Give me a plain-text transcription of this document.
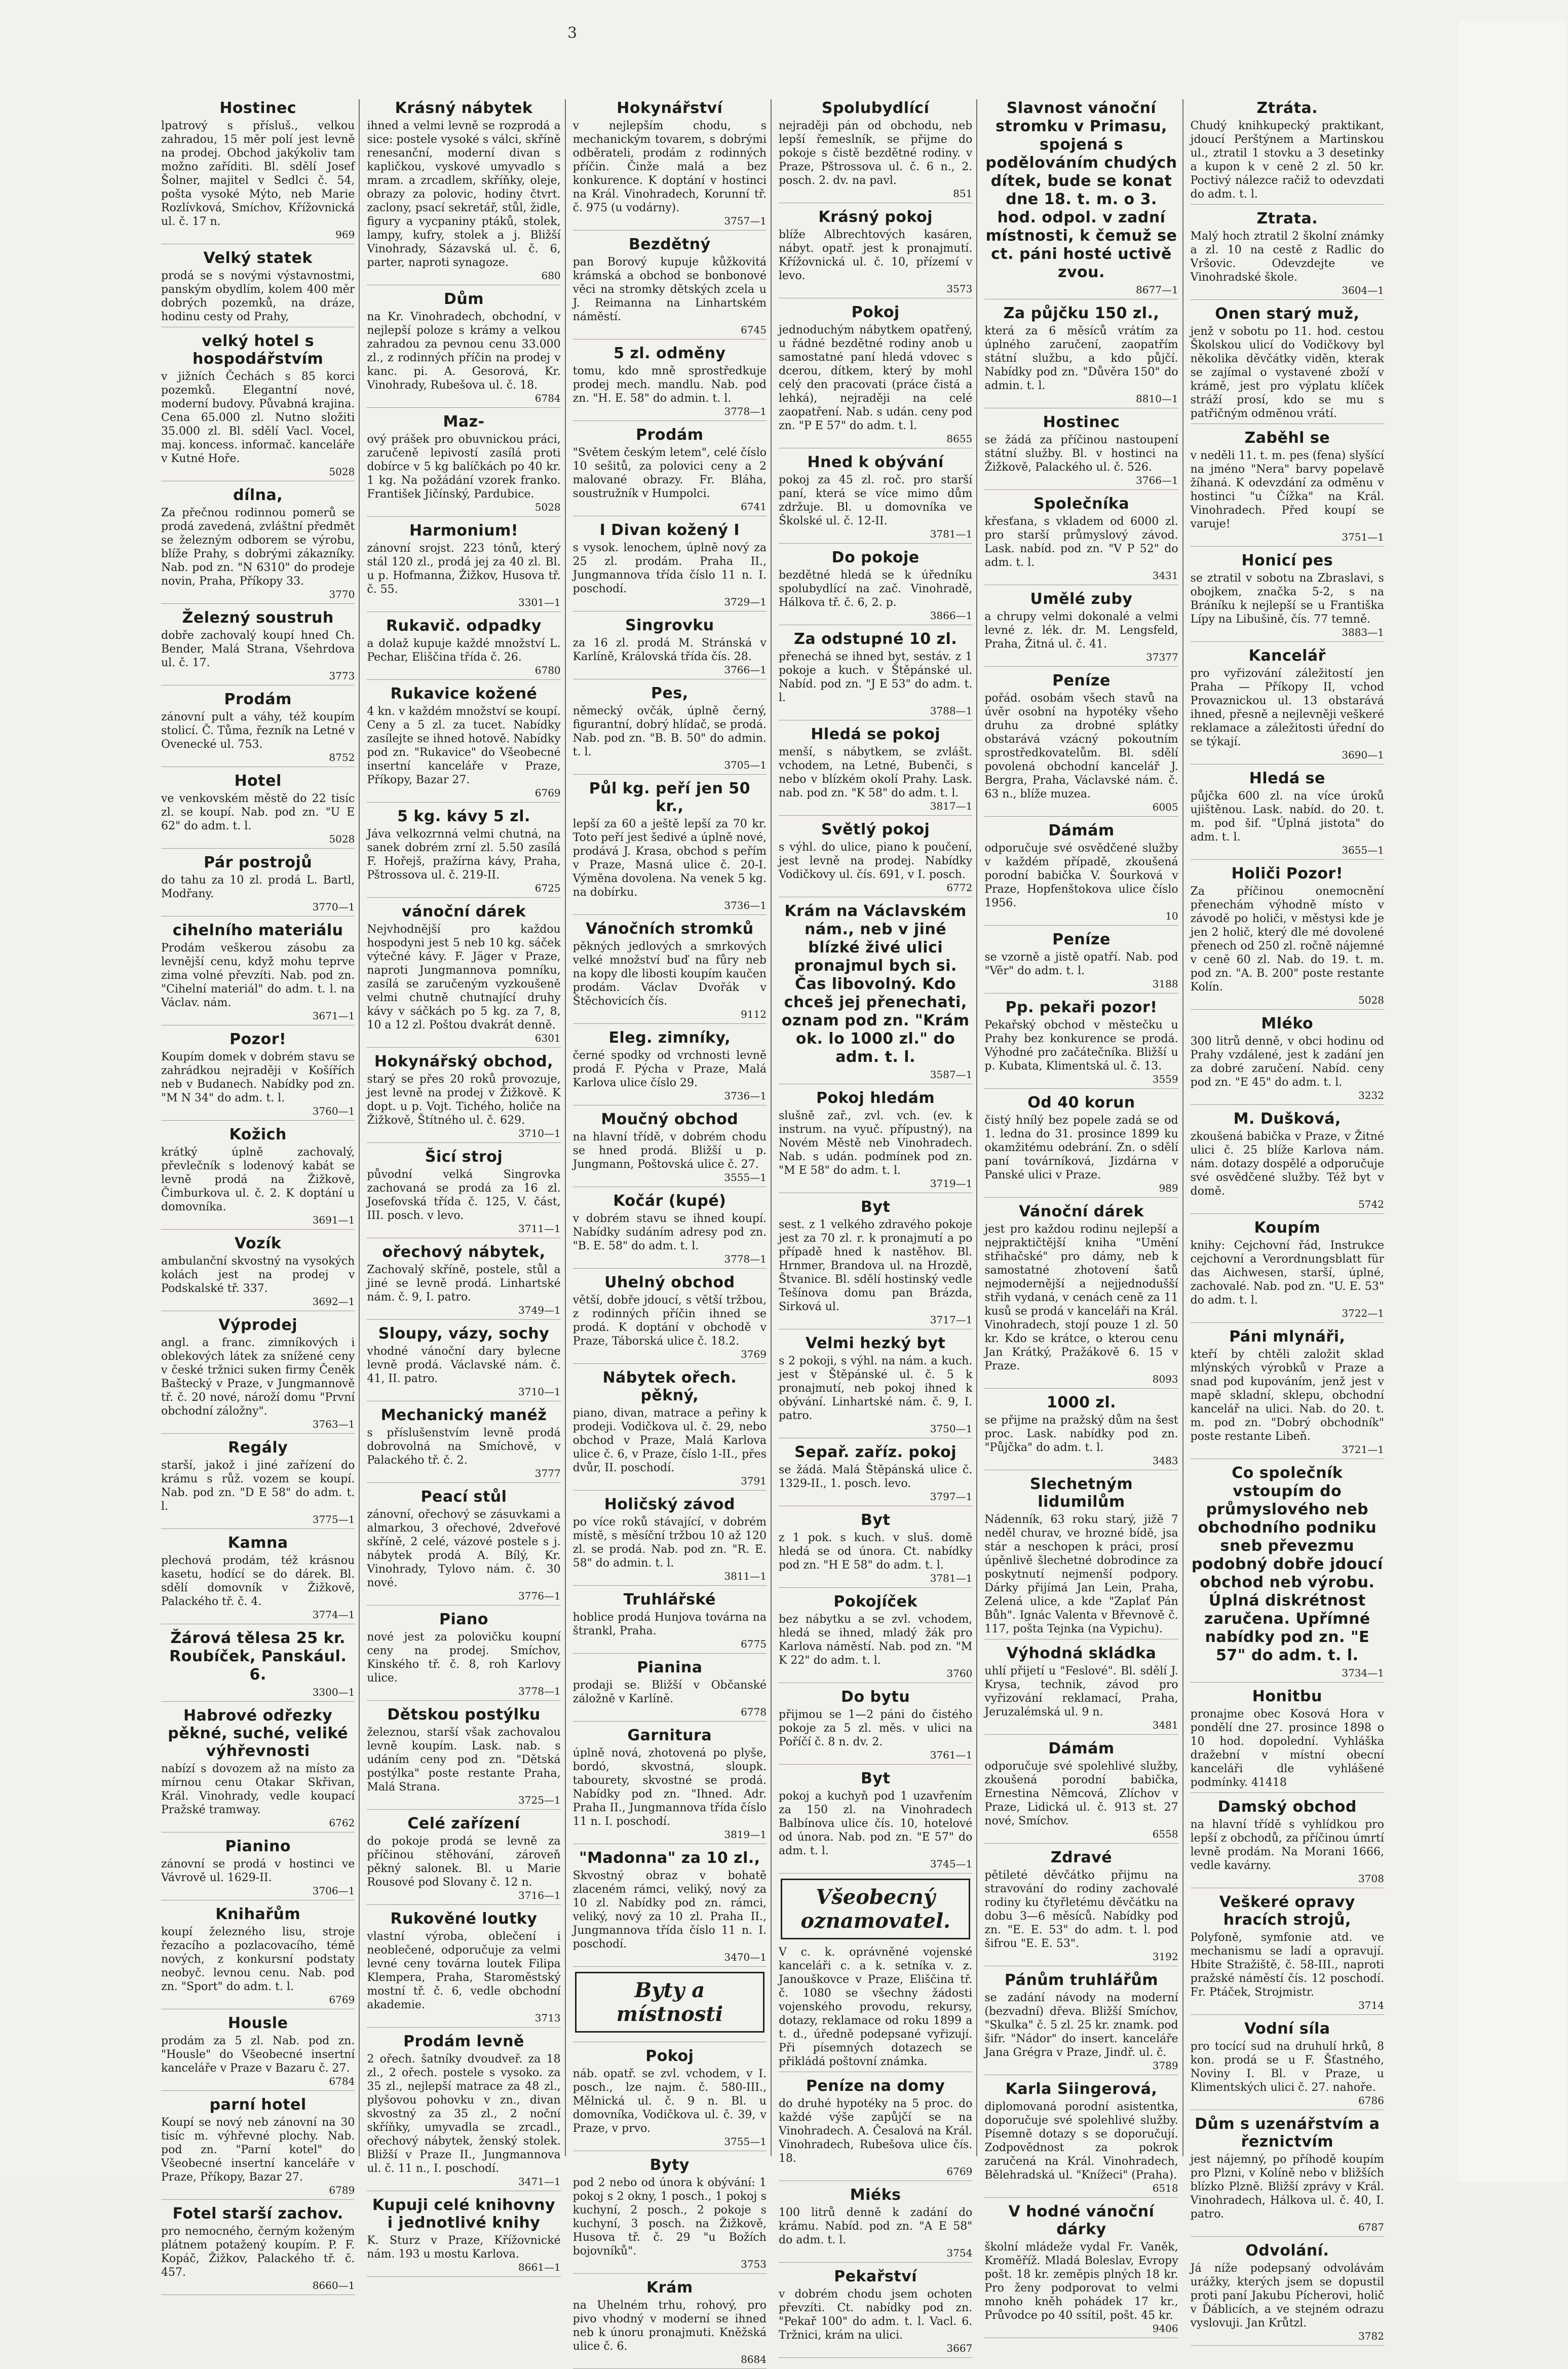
3
Hostinec

lpatrový s přísluš., velkou zahradou, 15 měr polí jest levně na prodej. Obchod jakýkoliv tam možno zaříditi. Bl. sdělí Josef Šolner, majitel v Sedlci č. 54, pošta vysoké Mýto, neb Marie Rozlívková, Smíchov, Křížovnická ul. č. 17 n.

969
Velký statek

prodá se s novými výstavnostmi, panským obydlím, kolem 400 měr dobrých pozemků, na dráze, hodinu cesty od Prahy,

velký hotel s hospodářstvím

v jižních Čechách s 85 korci pozemků. Elegantní nové, moderní budovy. Půvabná krajina. Cena 65.000 zl. Nutno složiti 35.000 zl. Bl. sdělí Vacl. Vocel, maj. koncess. informač. kanceláře v Kutné Hoře.

5028
dílna,

Za přečnou rodinnou pomerů se prodá zavedená, zvláštní předmět se železným odborem se výrobu, blíže Prahy, s dobrými zákazníky. Nab. pod zn. "N 6310" do prodeje novin, Praha, Příkopy 33.

3770
Železný soustruh

dobře zachovalý koupí hned Ch. Bender, Malá Strana, Všehrdova ul. č. 17.

3773
Prodám

zánovní pult a váhy, též koupím stolicí. Č. Tůma, řezník na Letné v Ovenecké ul. 753.

8752
Hotel

ve venkovském městě do 22 tisíc zl. se koupí. Nab. pod zn. "U E 62" do adm. t. l.

5028
Pár postrojů

do tahu za 10 zl. prodá L. Bartl, Modřany.

3770—1
cihelního materiálu

Prodám veškerou zásobu za levnější cenu, když mohu teprve zima volné převzíti. Nab. pod zn. "Cihelní materiál" do adm. t. l. na Václav. nám.

3671—1
Pozor!

Koupím domek v dobrém stavu se zahrádkou nejraději v Košířích neb v Budanech. Nabídky pod zn. "M N 34" do adm. t. l.

3760—1
Kožich

krátký úplně zachovalý, převlečník s lodenový kabát se levně prodá na Žižkově, Čimburkova ul. č. 2. K doptání u domovníka.

3691—1
Vozík

ambulanční skvostný na vysokých kolách jest na prodej v Podskalské tř. 337.

3692—1
Výprodej

angl. a franc. zimníkových i oblekových látek za snížené ceny v české tržnici suken firmy Čeněk Baštecký v Praze, v Jungmannově tř. č. 20 nové, nároží domu "První obchodní záložny".

3763—1
Regály

starší, jakož i jiné zařízení do krámu s růž. vozem se koupí. Nab. pod zn. "D E 58" do adm. t. l.

3775—1
Kamna

plechová prodám, též krásnou kasetu, hodící se do dárek. Bl. sdělí domovník v Žižkově, Palackého tř. č. 4.

3774—1
Žárová tělesa 25 kr. Roubíček, Panskául. 6.
3300—1
Habrové odřezky pěkné, suché, veliké výhřevnosti

nabízí s dovozem až na místo za mírnou cenu Otakar Skřivan, Král. Vinohrady, vedle koupací Pražské tramway.

6762
Pianino

zánovní se prodá v hostinci ve Vávrově ul. 1629-II.

3706—1
Knihařům

koupí železného lisu, stroje řezacího a pozlacovacího, témě nových, z konkursní podstaty neobyč. levnou cenu. Nab. pod zn. "Sport" do adm. t. l.

6769
Housle

prodám za 5 zl. Nab. pod zn. "Housle" do Všeobecné insertní kanceláře v Praze v Bazaru č. 27.

6784
parní hotel

Koupí se nový neb zánovní na 30 tisíc m. výhřevné plochy. Nab. pod zn. "Parní kotel" do Všeobecné insertní kanceláře v Praze, Příkopy, Bazar 27.

6789
Fotel starší zachov.

pro nemocného, černým koženým plátnem potažený koupím. P. F. Kopáč, Žižkov, Palackého tř. č. 457.

8660—1
Krásný nábytek

ihned a velmi levně se rozprodá a sice: postele vysoké s válci, skříně renesanční, moderní divan s kapličkou, vyskové umyvadlo s mram. a zrcadlem, skříňky, oleje, obrazy za polovic, hodiny čtvrt. zaclony, psací sekretář, stůl, židle, figury a vycpaniny ptáků, stolek, lampy, kufry, stolek a j. Bližší Vinohrady, Sázavská ul. č. 6, parter, naproti synagoze.

680
Dům

na Kr. Vinohradech, obchodní, v nejlepší poloze s krámy a velkou zahradou za pevnou cenu 33.000 zl., z rodinných příčin na prodej v kanc. pi. A. Gesorová, Kr. Vinohrady, Rubešova ul. č. 18.

6784
Maz-

ový prášek pro obuvnickou práci, zaručeně lepivostí zasílá proti dobírce v 5 kg balíčkách po 40 kr. 1 kg. Na požádání vzorek franko. František Jičínský, Pardubice.

5028
Harmonium!

zánovní srojst. 223 tónů, který stál 120 zl., prodá jej za 40 zl. Bl. u p. Hofmanna, Žižkov, Husova tř. č. 55.

3301—1
Rukavič. odpadky

a dolaž kupuje každé množství L. Pechar, Eliščina třída č. 26.

6780
Rukavice kožené

4 kn. v každém množství se koupí. Ceny a 5 zl. za tucet. Nabídky zasílejte se ihned hotově. Nabídky pod zn. "Rukavice" do Všeobecné insertní kanceláře v Praze, Příkopy, Bazar 27.

6769
5 kg. kávy 5 zl.

Jáva velkozrnná velmi chutná, na sanek dobrém zrní zl. 5.50 zasílá F. Hořejš, pražírna kávy, Praha, Pštrossova ul. č. 219-II.

6725
vánoční dárek

Nejvhodnější pro každou hospodyni jest 5 neb 10 kg. sáček výtečné kávy. F. Jäger v Praze, naproti Jungmannova pomníku, zasílá se zaručeným vyzkoušeně velmi chutně chutnající druhy kávy v sáčkách po 5 kg. za 7, 8, 10 a 12 zl. Poštou dvakrát denně.

6301
Hokynářský obchod,

starý se přes 20 roků provozuje, jest levně na prodej v Žižkově. K dopt. u p. Vojt. Tichého, holiče na Žižkově, Štítného ul. č. 629.

3710—1
Šicí stroj

původní velká Singrovka zachovaná se prodá za 16 zl. Josefovská třída č. 125, V. část, III. posch. v levo.

3711—1
ořechový nábytek,

Zachovalý skříně, postele, stůl a jiné se levně prodá. Linhartské nám. č. 9, I. patro.

3749—1
Sloupy, vázy, sochy

vhodné vánoční dary bylecne levně prodá. Václavské nám. č. 41, II. patro.

3710—1
Mechanický manéž

s příslušenstvím levně prodá dobrovolná na Smíchově, v Palackého tř. č. 2.

3777
Peací stůl

zánovní, ořechový se zásuvkami a almarkou, 3 ořechové, 2dveřové skříně, 2 celé, vázové postele s j. nábytek prodá A. Bílý, Kr. Vinohrady, Tylovo nám. č. 30 nové.

3776—1
Piano

nové jest za polovičku koupní ceny na prodej. Smíchov, Kinského tř. č. 8, roh Karlovy ulice.

3778—1
Dětskou postýlku

železnou, starší však zachovalou levně koupím. Lask. nab. s udáním ceny pod zn. "Dětská postýlka" poste restante Praha, Malá Strana.

3725—1
Celé zařízení

do pokoje prodá se levně za příčinou stěhování, zároveň pěkný salonek. Bl. u Marie Rousové pod Slovany č. 12 n.

3716—1
Rukověné loutky

vlastní výroba, oblečení i neoblečené, odporučuje za velmi levné ceny továrna loutek Filipa Klempera, Praha, Staroměstský mostní tř. č. 6, vedle obchodní akademie.

3713
Prodám levně

2 ořech. šatníky dvoudveř. za 18 zl., 2 ořech. postele s vysoko. za 35 zl., nejlepší matrace za 48 zl., plyšovou pohovku v zn., divan skvostný za 35 zl., 2 noční skříňky, umyvadla se zrcadl., ořechový nábytek, ženský stolek. Bližší v Praze II., Jungmannova ul. č. 11 n., I. poschodí.

3471—1
Kupuji celé knihovny i jednotlivé knihy

K. Sturz v Praze, Křížovnické nám. 193 u mostu Karlova.

8661—1
Hokynářství

v nejlepším chodu, s mechanickým tovarem, s dobrými odběrateli, prodám z rodinných příčin. Činže malá a bez konkurence. K doptání v hostinci na Král. Vinohradech, Korunní tř. č. 975 (u vodárny).

3757—1
Bezdětný

pan Borový kupuje kůžkovitá krámská a obchod se bonbonové věci na stromky dětských zcela u J. Reimanna na Linhartském náměstí.

6745
5 zl. odměny

tomu, kdo mně sprostředkuje prodej mech. mandlu. Nab. pod zn. "H. E. 58" do admin. t. l.

3778—1
Prodám

"Světem českým letem", celé číslo 10 sešitů, za polovici ceny a 2 malované obrazy. Fr. Bláha, soustružník v Humpolci.

6741
I Divan kožený I

s vysok. lenochem, úplně nový za 25 zl. prodám. Praha II., Jungmannova třída číslo 11 n. I. poschodí.

3729—1
Singrovku

za 16 zl. prodá M. Stránská v Karlíně, Královská třída čís. 28.

3766—1
Pes,

německý ovčák, úplně černý, figurantní, dobrý hlídač, se prodá. Nab. pod zn. "B. B. 50" do admin. t. l.

3705—1
Půl kg. peří jen 50 kr.,

lepší za 60 a ještě lepší za 70 kr. Toto peří jest šedivé a úplně nové, prodává J. Krasa, obchod s peřím v Praze, Masná ulice č. 20-I. Výměna dovolena. Na venek 5 kg. na dobírku.

3736—1
Vánočních stromků

pěkných jedlových a smrkových velké množství buď na fůry neb na kopy dle libosti koupím kaučen prodám. Václav Dvořák v Štěchovicích čís.

9112
Eleg. zimníky,

černé spodky od vrchnosti levně prodá F. Pýcha v Praze, Malá Karlova ulice číslo 29.

3736—1
Moučný obchod

na hlavní třídě, v dobrém chodu se hned prodá. Bližší u p. Jungmann, Poštovská ulice č. 27.

3555—1
Kočár (kupé)

v dobrém stavu se ihned koupí. Nabídky sudáním adresy pod zn. "B. E. 58" do adm. t. l.

3778—1
Uhelný obchod

větší, dobře jdoucí, s větší tržbou, z rodinných příčin ihned se prodá. K doptání v obchodě v Praze, Táborská ulice č. 18.2.

3769
Nábytek ořech. pěkný,

piano, divan, matrace a peřiny k prodeji. Vodičkova ul. č. 29, nebo obchod v Praze, Malá Karlova ulice č. 6, v Praze, číslo 1-II., přes dvůr, II. poschodí.

3791
Holičský závod

po více roků stávající, v dobrém místě, s měsíční tržbou 10 až 120 zl. se prodá. Nab. pod zn. "R. E. 58" do admin. t. l.

3811—1
Truhlářské

hoblice prodá Hunjova továrna na štrankl, Praha.

6775
Pianina

prodaji se. Bližší v Občanské záložně v Karlíně.

6778
Garnitura

úplně nová, zhotovená po plyše, bordó, skvostná, sloupk. tabourety, skvostné se prodá. Nabídky pod zn. "Ihned. Adr. Praha II., Jungmannova třída číslo 11 n. I. poschodí.

3819—1
"Madonna" za 10 zl.,

Skvostný obraz v bohatě zlaceném rámci, veliký, nový za 10 zl. Nabídky pod zn. rámci, veliký, nový za 10 zl. Praha II., Jungmannova třída číslo 11 n. I. poschodí.

3470—1
Byty a místnosti
Pokoj

náb. opatř. se zvl. vchodem, v I. posch., lze najm. č. 580-III., Mělnická ul. č. 9 n. Bl. u domovníka, Vodičkova ul. č. 39, v Praze, v prvo.

3755—1
Byty

pod 2 nebo od února k obývání: 1 pokoj s 2 okny, 1 posch., 1 pokoj s kuchyní, 2 posch., 2 pokoje s kuchyní, 3 posch. na Žižkově, Husova tř. č. 29 "u Božích bojovníků".

3753
Krám

na Uhelném trhu, rohový, pro pivo vhodný v moderní se ihned neb k únoru pronajmuti. Kněžská ulice č. 6.

8684
Spolubydlící

nejraději pán od obchodu, neb lepší řemeslník, se přijme do pokoje s čistě bezdětné rodiny. v Praze, Pštrossova ul. č. 6 n., 2. posch. 2. dv. na pavl.

851
Krásný pokoj

blíže Albrechtových kasáren, nábyt. opatř. jest k pronajmutí. Křížovnická ul. č. 10, přízemí v levo.

3573
Pokoj

jednoduchým nábytkem opatřený, u řádné bezdětné rodiny anob u samostatné paní hledá vdovec s dcerou, dítkem, který by mohl celý den pracovati (práce čistá a lehká), nejraději na celé zaopatření. Nab. s udán. ceny pod zn. "P E 57" do adm. t. l.

8655
Hned k obývání

pokoj za 45 zl. roč. pro starší paní, která se více mimo dům zdržuje. Bl. u domovníka ve Školské ul. č. 12-II.

3781—1
Do pokoje

bezdětné hledá se k úředníku spolubydlící na zač. Vinohradě, Hálkova tř. č. 6, 2. p.

3866—1
Za odstupné 10 zl.

přenechá se ihned byt, sestáv. z 1 pokoje a kuch. v Štěpánské ul. Nabíd. pod zn. "J E 53" do adm. t. l.

3788—1
Hledá se pokoj

menší, s nábytkem, se zvlášt. vchodem, na Letné, Bubenči, s nebo v blízkém okolí Prahy. Lask. nab. pod zn. "K 58" do adm. t. l.

3817—1
Světlý pokoj

s výhl. do ulice, piano k poučení, jest levně na prodej. Nabídky Vodičkovy ul. čís. 691, v I. posch.

6772
Krám na Václavském nám., neb v jiné blízké živé ulici pronajmul bych si. Čas libovolný. Kdo chceš jej přenechati, oznam pod zn. "Krám ok. lo 1000 zl." do adm. t. l.
3587—1
Pokoj hledám

slušně zař., zvl. vch. (ev. k instrum. na vyuč. přípustný), na Novém Městě neb Vinohradech. Nab. s udán. podmínek pod zn. "M E 58" do adm. t. l.

3719—1
Byt

sest. z 1 velkého zdravého pokoje jest za 70 zl. r. k pronajmutí a po případě hned k nastěhov. Bl. Hrnmer, Brandova ul. na Hrozdě, Štvanice. Bl. sdělí hostinský vedle Tešínova domu pan Brázda, Sirková ul.

3717—1
Velmi hezký byt

s 2 pokoji, s výhl. na nám. a kuch. jest v Štěpánské ul. č. 5 k pronajmutí, neb pokoj ihned k obývání. Linhartské nám. č. 9, I. patro.

3750—1
Sepař. zaříz. pokoj

se žádá. Malá Štěpánská ulice č. 1329-II., 1. posch. levo.

3797—1
Byt

z 1 pok. s kuch. v sluš. domě hledá se od února. Ct. nabídky pod zn. "H E 58" do adm. t. l.

3781—1
Pokojíček

bez nábytku a se zvl. vchodem, hledá se ihned, mladý žák pro Karlova náměstí. Nab. pod zn. "M K 22" do adm. t. l.

3760
Do bytu

přijmou se 1—2 páni do čistého pokoje za 5 zl. měs. v ulici na Poříčí č. 8 n. dv. 2.

3761—1
Byt

pokoj a kuchyň pod 1 uzavřením za 150 zl. na Vinohradech Balbínova ulice čís. 10, hotelové od února. Nab. pod zn. "E 57" do adm. t. l.

3745—1
Všeobecný oznamovatel.

V c. k. oprávněné vojenské kanceláři c. a k. setníka v. z. Janouškovce v Praze, Eliščina tř. č. 1080 se všechny žádosti vojenského provodu, rekursy, dotazy, reklamace od roku 1899 a t. d., úředně podepsané vyřizují. Při písemných dotazech se přikládá poštovní známka.

Peníze na domy

do druhé hypotéky na 5 proc. do každé výše zapůjčí se na Vinohradech. A. Česalová na Král. Vinohradech, Rubešova ulice čís. 18.

6769
Miéks

100 litrů denně k zadání do krámu. Nabíd. pod zn. "A E 58" do adm. t. l.

3754
Pekařství

v dobrém chodu jsem ochoten převzíti. Ct. nabídky pod zn. "Pekař 100" do adm. t. l. Vacl. 6. Tržnici, krám na ulici.

3667
Slavnost vánoční stromku v Primasu, spojená s podělováním chudých dítek, bude se konat dne 18. t. m. o 3. hod. odpol. v zadní místnosti, k čemuž se ct. páni hosté uctivě zvou.
8677—1
Za půjčku 150 zl.,

která za 6 měsíců vrátím za úplného zaručení, zaopatřím státní službu, a kdo půjčí. Nabídky pod zn. "Důvěra 150" do admin. t. l.

8810—1
Hostinec

se žádá za příčinou nastoupení státní služby. Bl. v hostinci na Žižkově, Palackého ul. č. 526.

3766—1
Společníka

křesťana, s vkladem od 6000 zl. pro starší průmyslový závod. Lask. nabíd. pod zn. "V P 52" do adm. t. l.

3431
Umělé zuby

a chrupy velmi dokonalé a velmi levné z. lék. dr. M. Lengsfeld, Praha, Žitná ul. č. 41.

37377
Peníze

pořád. osobám všech stavů na úvěr osobní na hypotéky všeho druhu za drobné splátky obstarává vzácný pokoutním sprostředkovatelům. Bl. sdělí povolená obchodní kancelář J. Bergra, Praha, Václavské nám. č. 63 n., blíže muzea.

6005
Dámám

odporučuje své osvědčené služby v každém případě, zkoušená porodní babička V. Šourková v Praze, Hopfenštokova ulice číslo 1956.

10
Peníze

se vzorně a jistě opatří. Nab. pod "Věr" do adm. t. l.

3188
Pp. pekaři pozor!

Pekařský obchod v městečku u Prahy bez konkurence se prodá. Výhodné pro začátečníka. Bližší u p. Kubata, Klimentská ul. č. 13.

3559
Od 40 korun

čistý hnílý bez popele zadá se od 1. ledna do 31. prosince 1899 ku okamžitému odebrání. Zn. o sdělí paní továrníková, Jizdárna v Panské ulici v Praze.

989
Vánoční dárek

jest pro každou rodinu nejlepší a nejpraktičtější kniha "Umění střihačské" pro dámy, neb k samostatné zhotovení šatů nejmodernější a nejjednodušší střih vydaná, v cenách ceně za 11 kusů se prodá v kanceláři na Král. Vinohradech, stojí pouze 1 zl. 50 kr. Kdo se krátce, o kterou cenu Jan Krátký, Pražákově 6. 15 v Praze.

8093
1000 zl.

se přijme na pražský dům na šest proc. Lask. nabídky pod zn. "Půjčka" do adm. t. l.

3483
Slechetným lidumilům

Nádenník, 63 roku starý, jižě 7 neděl churav, ve hrozné bídě, jsa stár a neschopen k práci, prosí úpěnlivě šlechetné dobrodince za poskytnutí nejmenší podpory. Dárky přijímá Jan Lein, Praha, Zelená ulice, a kde "Zaplať Pán Bůh". Ignác Valenta v Břevnově č. 117, pošta Tejnka (na Vypichu).

Výhodná skládka

uhlí přijetí u "Feslové". Bl. sdělí J. Krysa, technik, závod pro vyřizování reklamací, Praha, Jeruzalémská ul. 9 n.

3481
Dámám

odporučuje své spolehlivé služby, zkoušená porodní babička, Ernestina Němcová, Zlíchov v Praze, Lidická ul. č. 913 st. 27 nové, Smíchov.

6558
Zdravé

pětileté děvčátko přijmu na stravování do rodiny zachovalé rodiny ku čtyřletému děvčátku na dobu 3—6 měsíců. Nabídky pod zn. "E. E. 53" do adm. t. l. pod šifrou "E. E. 53".

3192
Pánům truhlářům

se zadání návody na moderní (bezvadní) dřeva. Bližší Smíchov, "Skulka" č. 5 zl. 25 kr. znamk. pod šifr. "Nádor" do insert. kanceláře Jana Grégra v Praze, Jindř. ul. č.

3789
Karla Siingerová,

diplomovaná porodní asistentka, doporučuje své spolehlivé služby. Písemně dotazy s se doporučují. Zodpovědnost za pokrok zaručená na Král. Vinohradech, Bělehradská ul. "Knížeci" (Praha).

6518
V hodné vánoční dárky

školní mládeže vydal Fr. Vaněk, Kroměříž. Mladá Boleslav, Evropy pošt. 18 kr. zeměpis plných 18 kr. Pro ženy podporovat to velmi mnoho kněh pohádek 17 kr., Průvodce po 40 ssítil, pošt. 45 kr.

9406
Ztráta.

Chudý knihkupecký praktikant, jdoucí Perštýnem a Martinskou ul., ztratil 1 stovku a 3 desetinky a kupon k v ceně 2 zl. 50 kr. Poctivý nálezce račiž to odevzdati do adm. t. l.

Ztrata.

Malý hoch ztratil 2 školní známky a zl. 10 na cestě z Radlic do Vršovic. Odevzdejte ve Vinohradské škole.

3604—1
Onen starý muž,

jenž v sobotu po 11. hod. cestou Školskou ulicí do Vodičkovy byl několika děvčátky viděn, kterak se zajímal o vystavené zboží v krámě, jest pro výplatu klíček stráží prosí, kdo se mu s patřičným odměnou vrátí.

Zaběhl se

v neděli 11. t. m. pes (fena) slyšící na jméno "Nera" barvy popelavě žíhaná. K odevzdání za odměnu v hostinci "u Čížka" na Král. Vinohradech. Před koupí se varuje!

3751—1
Honicí pes

se ztratil v sobotu na Zbraslavi, s obojkem, značka 5-2, s na Bráníku k nejlepší se u Františka Lípy na Libušině, čís. 77 temně.

3883—1
Kancelář

pro vyřizování záležitostí jen Praha — Příkopy II, vchod Provaznickou ul. 13 obstarává ihned, přesně a nejlevněji veškeré reklamace a záležitosti úřední do se týkají.

3690—1
Hledá se

půjčka 600 zl. na více úroků ujištěnou. Lask. nabíd. do 20. t. m. pod šif. "Úplná jistota" do adm. t. l.

3655—1
Holiči Pozor!

Za příčinou onemocnění přenechám výhodně místo v závodě po holiči, v městysi kde je jen 2 holič, který dle mé dovolené přenech od 250 zl. ročně nájemné v ceně 60 zl. Nab. do 19. t. m. pod zn. "A. B. 200" poste restante Kolín.

5028
Mléko

300 litrů denně, v obci hodinu od Prahy vzdálené, jest k zadání jen za dobré zaručení. Nabíd. ceny pod zn. "E 45" do adm. t. l.

3232
M. Dušková,

zkoušená babička v Praze, v Žitné ulici č. 25 blíže Karlova nám. nám. dotazy dospělé a odporučuje své osvědčené služby. Též byt v domě.

5742
Koupím

knihy: Cejchovní řád, Instrukce cejchovní a Verordnungsblatt für das Aichwesen, starší, úplné, zachovalé. Nab. pod zn. "U. E. 53" do adm. t. l.

3722—1
Páni mlynáři,

kteří by chtěli založit sklad mlýnských výrobků v Praze a snad pod kupováním, jenž jest v mapě skladní, sklepu, obchodní kancelář na ulici. Nab. do 20. t. m. pod zn. "Dobrý obchodník" poste restante Libeň.

3721—1
Co společník vstoupím do průmyslového neb obchodního podniku sneb převezmu podobný dobře jdoucí obchod neb výrobu. Úplná diskrétnost zaručena. Upřímné nabídky pod zn. "E 57" do adm. t. l.
3734—1
Honitbu

pronajme obec Kosová Hora v pondělí dne 27. prosince 1898 o 10 hod. dopolední. Vyhláška dražební v místní obecní kanceláři dle vyhlášené podmínky. 41418

Damský obchod

na hlavní třídě s vyhlídkou pro lepší z obchodů, za příčinou úmrtí levně prodám. Na Morani 1666, vedle kavárny.

3708
Veškeré opravy hracích strojů,

Polyfoně, symfonie atd. ve mechanismu se ladí a opravují. Hbite Stražiště, č. 58-III., naproti pražské náměstí čís. 12 poschodí. Fr. Ptáček, Strojmistr.

3714
Vodní síla

pro tocící sud na druhulí hrků, 8 kon. prodá se u F. Šťastného, Noviny I. Bl. v Praze, u Klimentských ulici č. 27. nahoře.

6786
Dům s uzenářstvím a řeznictvím

jest nájemný, po příhodě koupím pro Plzni, v Kolíně nebo v bližších blízko Plzně. Bližší zprávy v Král. Vinohradech, Hálkova ul. č. 40, I. patro.

6787
Odvolání.

Já níže podepsaný odvolávám urážky, kterých jsem se dopustil proti paní Jakubu Pícherovi, holič v Ďáblicích, a ve stejném odrazu vyslovuji. Jan Krůtzl.

3782
